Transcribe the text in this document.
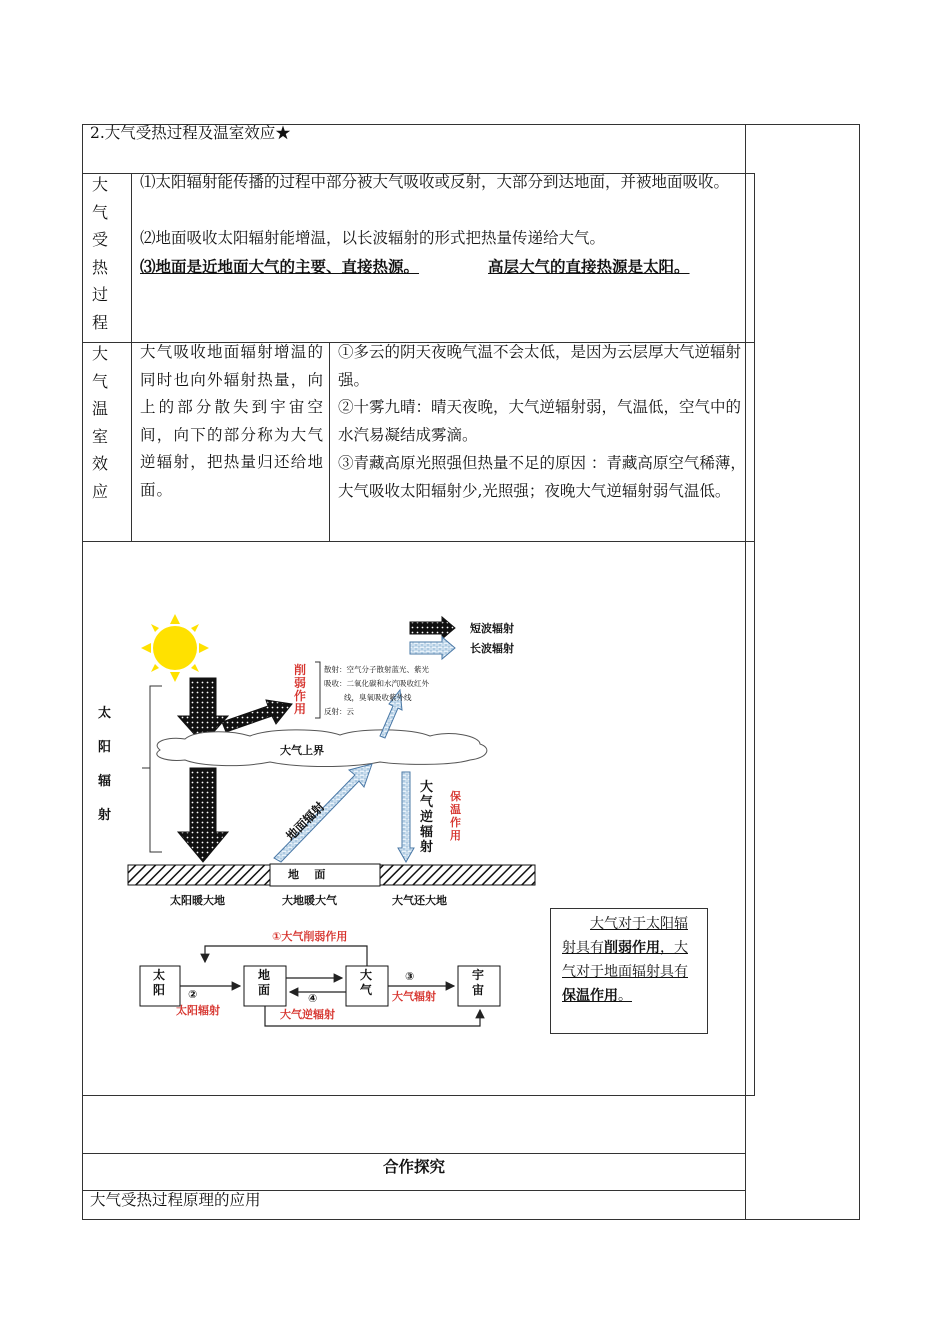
2.大气受热过程及温室效应★
大气受热过程
⑴太阳辐射能传播的过程中部分被大气吸收或反射，大部分到达地面，并被地面吸收。
⑵地面吸收太阳辐射能增温，以长波辐射的形式把热量传递给大气。
⑶地面是近地面大气的主要、直接热源。	高层大气的直接热源是太阳。
大气温室效应
大气吸收地面辐射增温的同时也向外辐射热量，向上的部分散失到宇宙空间，向下的部分称为大气逆辐射，把热量归还给地面。
①多云的阴天夜晚气温不会太低，是因为云层厚大气逆辐射强。
②十雾九晴：晴天夜晚，大气逆辐射弱，气温低，空气中的水汽易凝结成雾滴。
③青藏高原光照强但热量不足的原因 ：青藏高原空气稀薄，大气吸收太阳辐射少,光照强；夜晚大气逆辐射弱气温低。
短波辐射
长波辐射
太
阳
辐
射
削弱作用
散射：空气分子散射蓝光、紫光
吸收：二氧化碳和水汽吸收红外
线，臭氧吸收紫外线
反射：云
大气上界
地面辐射
大气逆辐射
保温作用
地    面
太阳暖大地	大地暖大气	大气还大地
太阳
地面
大气
宇宙
①大气削弱作用
②
太阳辐射
③
大气辐射
④
大气逆辐射
大气对于太阳辐射具有削弱作用，大气对于地面辐射具有保温作用。
合作探究
大气受热过程原理的应用
